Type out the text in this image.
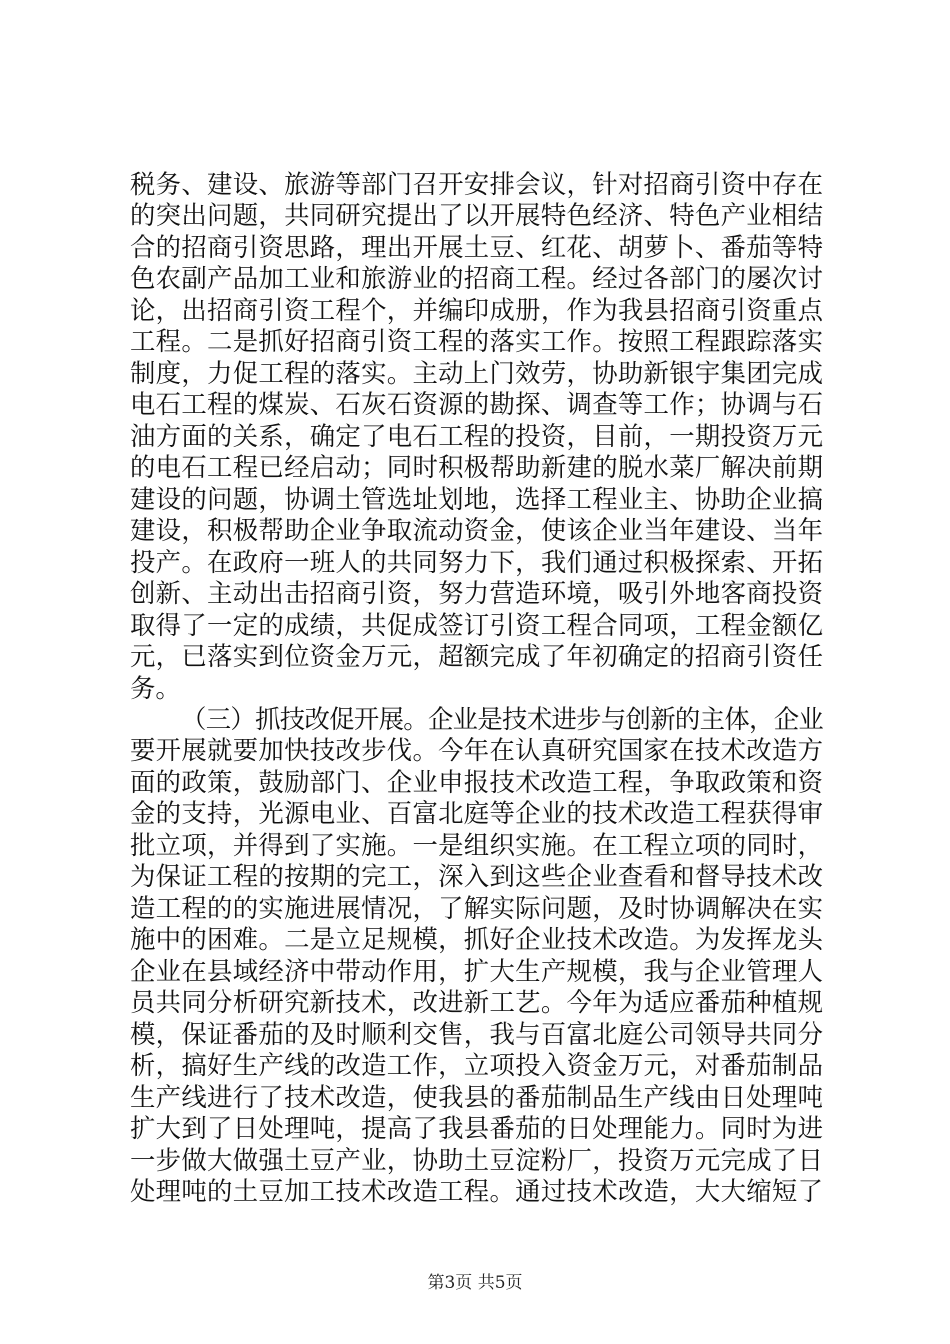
税务、建设、旅游等部门召开安排会议，针对招商引资中存在
的突出问题，共同研究提出了以开展特色经济、特色产业相结
合的招商引资思路，理出开展土豆、红花、胡萝卜、番茄等特
色农副产品加工业和旅游业的招商工程。经过各部门的屡次讨
论，出招商引资工程个，并编印成册，作为我县招商引资重点
工程。二是抓好招商引资工程的落实工作。按照工程跟踪落实
制度，力促工程的落实。主动上门效劳，协助新银宇集团完成
电石工程的煤炭、石灰石资源的勘探、调查等工作；协调与石
油方面的关系，确定了电石工程的投资，目前，一期投资万元
的电石工程已经启动；同时积极帮助新建的脱水菜厂解决前期
建设的问题，协调土管选址划地，选择工程业主、协助企业搞
建设，积极帮助企业争取流动资金，使该企业当年建设、当年
投产。在政府一班人的共同努力下，我们通过积极探索、开拓
创新、主动出击招商引资，努力营造环境，吸引外地客商投资
取得了一定的成绩，共促成签订引资工程合同项，工程金额亿
元，已落实到位资金万元，超额完成了年初确定的招商引资任
务。
（三）抓技改促开展。企业是技术进步与创新的主体，企业
要开展就要加快技改步伐。今年在认真研究国家在技术改造方
面的政策，鼓励部门、企业申报技术改造工程，争取政策和资
金的支持，光源电业、百富北庭等企业的技术改造工程获得审
批立项，并得到了实施。一是组织实施。在工程立项的同时，
为保证工程的按期的完工，深入到这些企业查看和督导技术改
造工程的的实施进展情况，了解实际问题，及时协调解决在实
施中的困难。二是立足规模，抓好企业技术改造。为发挥龙头
企业在县域经济中带动作用，扩大生产规模，我与企业管理人
员共同分析研究新技术，改进新工艺。今年为适应番茄种植规
模，保证番茄的及时顺利交售，我与百富北庭公司领导共同分
析，搞好生产线的改造工作，立项投入资金万元，对番茄制品
生产线进行了技术改造，使我县的番茄制品生产线由日处理吨
扩大到了日处理吨，提高了我县番茄的日处理能力。同时为进
一步做大做强土豆产业，协助土豆淀粉厂，投资万元完成了日
处理吨的土豆加工技术改造工程。通过技术改造，大大缩短了
第3页 共5页
